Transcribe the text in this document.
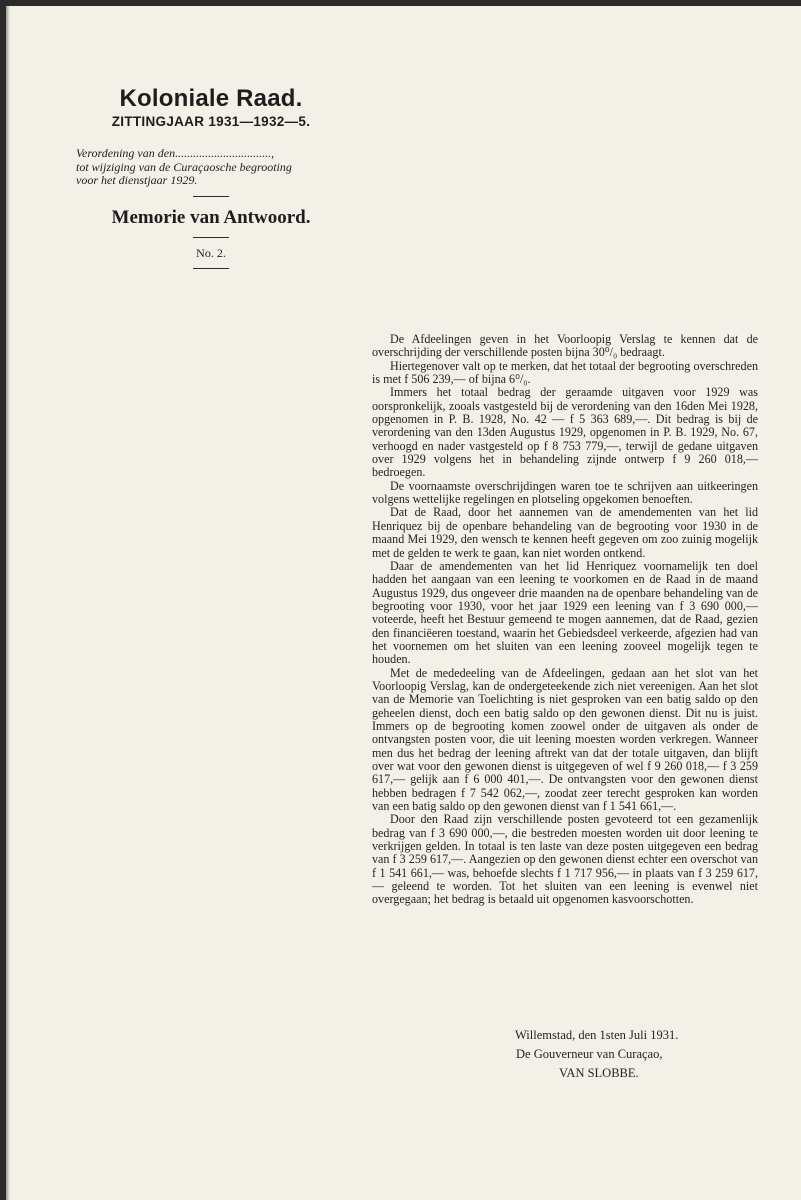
Koloniale Raad.
ZITTINGJAAR 1931—1932—5.
Verordening van den................................,
tot wijziging van de Curaçaosche begrooting
voor het dienstjaar 1929.
Memorie van Antwoord.
No. 2.

De Afdeelingen geven in het Voorloopig Verslag te kennen dat de overschrijding der verschillende posten bijna 30⁰/₀ bedraagt.

Hiertegenover valt op te merken, dat het totaal der begrooting overschreden is met f 506 239,— of bijna 6⁰/₀.

Immers het totaal bedrag der geraamde uitgaven voor 1929 was oorspronkelijk, zooals vastgesteld bij de verordening van den 16den Mei 1928, opgenomen in P. B. 1928, No. 42 — f 5 363 689,—. Dit bedrag is bij de verordening van den 13den Augustus 1929, opgenomen in P. B. 1929, No. 67, verhoogd en nader vastgesteld op f 8 753 779,—, terwijl de gedane uitgaven over 1929 volgens het in behandeling zijnde ontwerp f 9 260 018,— bedroegen.

De voornaamste overschrijdingen waren toe te schrijven aan uitkeeringen volgens wettelijke regelingen en plotseling opgekomen benoeften.

Dat de Raad, door het aannemen van de amendementen van het lid Henriquez bij de openbare behandeling van de begrooting voor 1930 in de maand Mei 1929, den wensch te kennen heeft gegeven om zoo zuinig mogelijk met de gelden te werk te gaan, kan niet worden ontkend.

Daar de amendementen van het lid Henriquez voornamelijk ten doel hadden het aangaan van een leening te voorkomen en de Raad in de maand Augustus 1929, dus ongeveer drie maanden na de openbare behandeling van de begrooting voor 1930, voor het jaar 1929 een leening van f 3 690 000,— voteerde, heeft het Bestuur gemeend te mogen aannemen, dat de Raad, gezien den financiëeren toestand, waarin het Gebiedsdeel verkeerde, afgezien had van het voornemen om het sluiten van een leening zooveel mogelijk tegen te houden.

Met de mededeeling van de Afdeelingen, gedaan aan het slot van het Voorloopig Verslag, kan de ondergeteekende zich niet vereenigen. Aan het slot van de Memorie van Toelichting is niet gesproken van een batig saldo op den geheelen dienst, doch een batig saldo op den gewonen dienst. Dit nu is juist. Immers op de begrooting komen zoowel onder de uitgaven als onder de ontvangsten posten voor, die uit leening moesten worden verkregen. Wanneer men dus het bedrag der leening aftrekt van dat der totale uitgaven, dan blijft over wat voor den gewonen dienst is uitgegeven of wel f 9 260 018,— f 3 259 617,— gelijk aan f 6 000 401,—. De ontvangsten voor den gewonen dienst hebben bedragen f 7 542 062,—, zoodat zeer terecht gesproken kan worden van een batig saldo op den gewonen dienst van f 1 541 661,—.

Door den Raad zijn verschillende posten gevoteerd tot een gezamenlijk bedrag van f 3 690 000,—, die bestreden moesten worden uit door leening te verkrijgen gelden. In totaal is ten laste van deze posten uitgegeven een bedrag van f 3 259 617,—. Aangezien op den gewonen dienst echter een overschot van f 1 541 661,— was, behoefde slechts f 1 717 956,— in plaats van f 3 259 617,— geleend te worden. Tot het sluiten van een leening is evenwel niet overgegaan; het bedrag is betaald uit opgenomen kasvoorschotten.

Willemstad, den 1sten Juli 1931.
De Gouverneur van Curaçao,
VAN SLOBBE.
